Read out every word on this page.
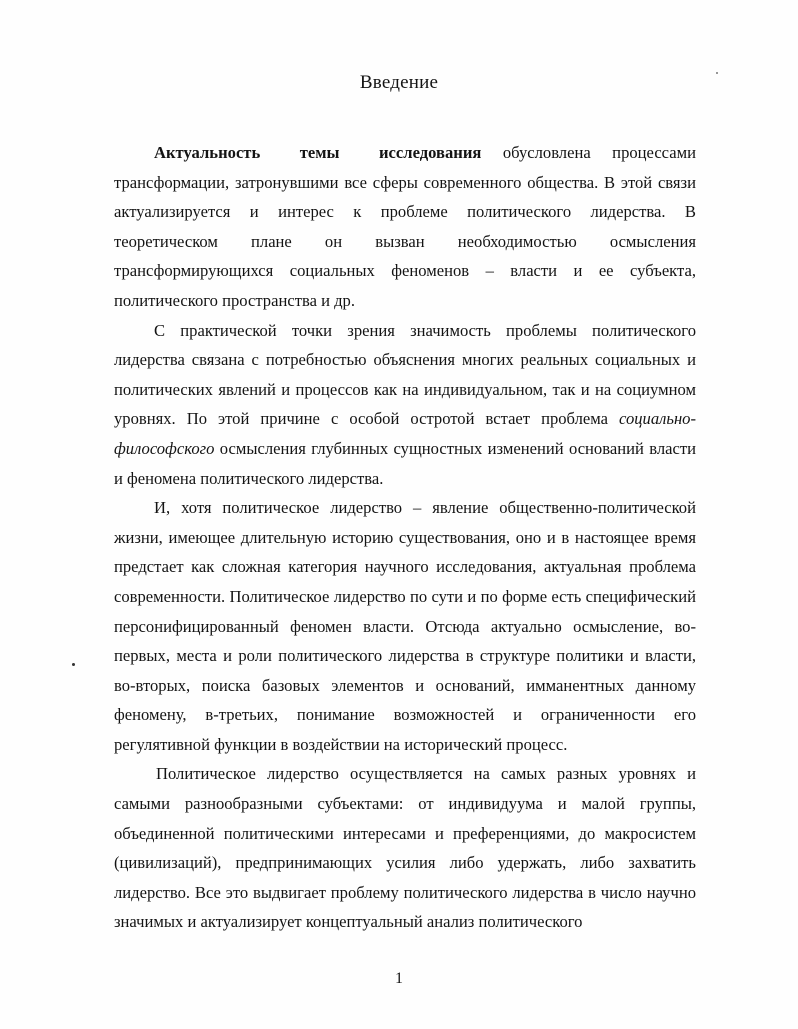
Введение

Актуальность темы исследования обусловлена процессами трансформации, затронувшими все сферы современного общества. В этой связи актуализируется и интерес к проблеме политического лидерства. В теоретическом плане он вызван необходимостью осмысления трансформирующихся социальных феноменов – власти и ее субъекта, политического пространства и др.

С практической точки зрения значимость проблемы политического лидерства связана с потребностью объяснения многих реальных социальных и политических явлений и процессов как на индивидуальном, так и на социумном уровнях. По этой причине с особой остротой встает проблема социально-философского осмысления глубинных сущностных изменений оснований власти и феномена политического лидерства.

И, хотя политическое лидерство – явление общественно-политической жизни, имеющее длительную историю существования, оно и в настоящее время предстает как сложная категория научного исследования, актуальная проблема современности. Политическое лидерство по сути и по форме есть специфический персонифицированный феномен власти. Отсюда актуально осмысление, во-первых, места и роли политического лидерства в структуре политики и власти, во-вторых, поиска базовых элементов и оснований, имманентных данному феномену, в-третьих, понимание возможностей и ограниченности его регулятивной функции в воздействии на исторический процесс.

Политическое лидерство осуществляется на самых разных уровнях и самыми разнообразными субъектами: от индивидуума и малой группы, объединенной политическими интересами и преференциями, до макросистем (цивилизаций), предпринимающих усилия либо удержать, либо захватить лидерство. Все это выдвигает проблему политического лидерства в число научно значимых и актуализирует концептуальный анализ политического

1
